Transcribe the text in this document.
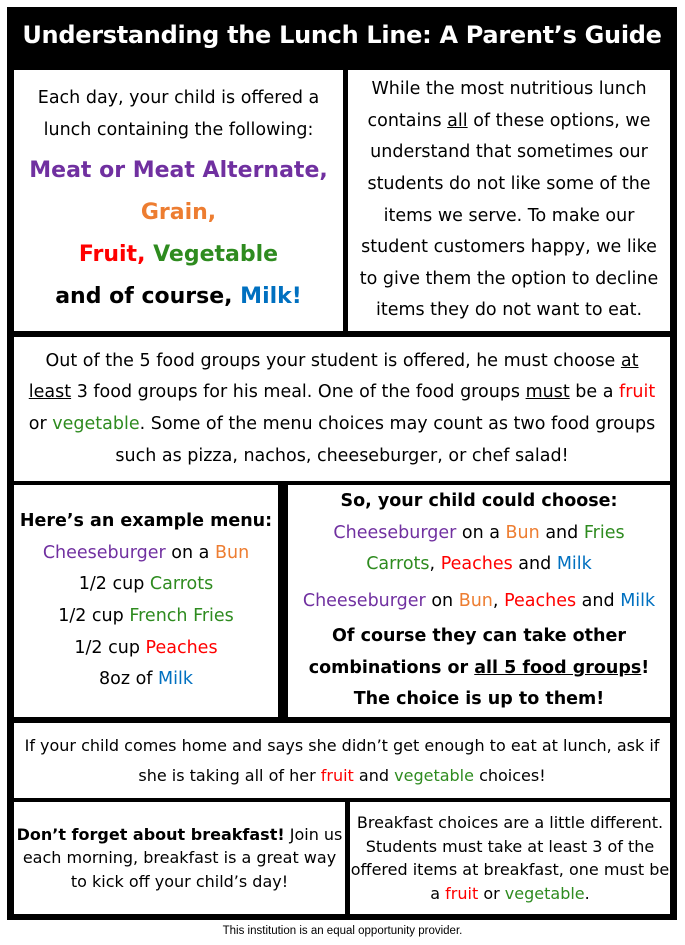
Understanding the Lunch Line: A Parent’s Guide

Each day, your child is offered a

lunch containing the following:

Meat or Meat Alternate,
Grain,
Fruit, Vegetable
and of course, Milk!

While the most nutritious lunch

contains all of these options, we

understand that sometimes our

students do not like some of the

items we serve. To make our

student customers happy, we like

to give them the option to decline

items they do not want to eat.

Out of the 5 food groups your student is offered, he must choose at

least 3 food groups for his meal. One of the food groups must be a fruit

or vegetable. Some of the menu choices may count as two food groups

such as pizza, nachos, cheeseburger, or chef salad!

Here’s an example menu:

Cheeseburger on a Bun

1/2 cup Carrots

1/2 cup French Fries

1/2 cup Peaches

8oz of Milk

So, your child could choose:

Cheeseburger on a Bun and Fries

Carrots, Peaches and Milk

Cheeseburger on Bun, Peaches and Milk

Of course they can take other

combinations or all 5 food groups!

The choice is up to them!

If your child comes home and says she didn’t get enough to eat at lunch, ask if

she is taking all of her fruit and vegetable choices!

Don’t forget about breakfast! Join us

each morning, breakfast is a great way

to kick off your child’s day!

Breakfast choices are a little different.

Students must take at least 3 of the

offered items at breakfast, one must be

a fruit or vegetable.

This institution is an equal opportunity provider.
